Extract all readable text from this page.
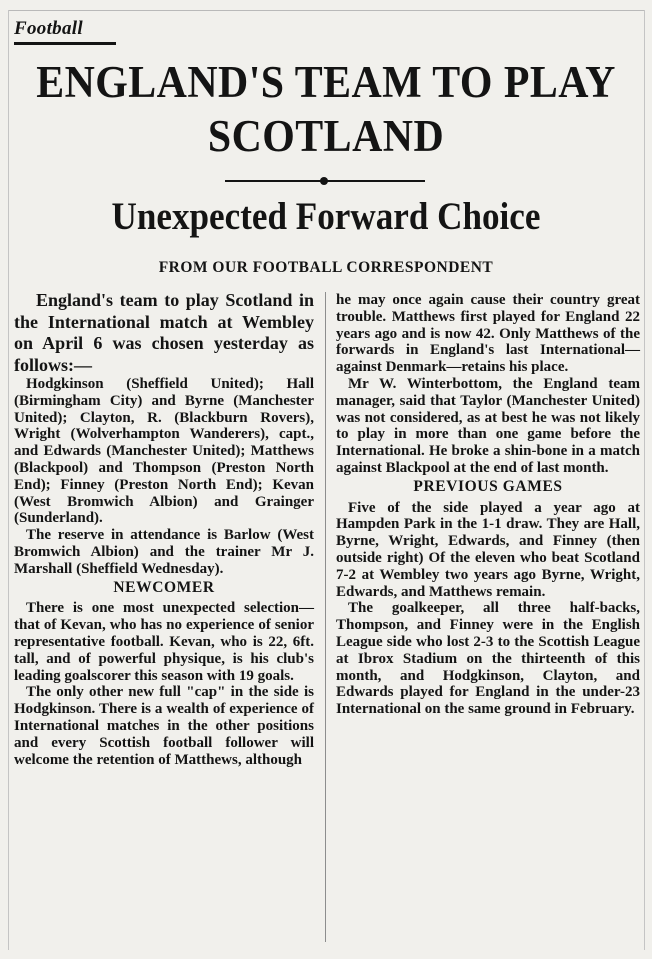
Football
ENGLAND'S TEAM TO PLAY
SCOTLAND
Unexpected Forward Choice
FROM OUR FOOTBALL CORRESPONDENT

England's team to play Scotland in the International match at Wembley on April 6 was chosen yesterday as follows:—

Hodgkinson (Sheffield United); Hall (Birmingham City) and Byrne (Manchester United); Clayton, R. (Blackburn Rovers), Wright (Wolverhampton Wanderers), capt., and Edwards (Manchester United); Matthews (Blackpool) and Thompson (Preston North End); Finney (Preston North End); Kevan (West Bromwich Albion) and Grainger (Sunderland).

The reserve in attendance is Barlow (West Bromwich Albion) and the trainer Mr J. Marshall (Sheffield Wednesday).

NEWCOMER

There is one most unexpected selection—that of Kevan, who has no experience of senior representative football. Kevan, who is 22, 6ft. tall, and of powerful physique, is his club's leading goalscorer this season with 19 goals.

The only other new full "cap" in the side is Hodgkinson. There is a wealth of experience of International matches in the other positions and every Scottish football follower will welcome the retention of Matthews, although

he may once again cause their country great trouble. Matthews first played for England 22 years ago and is now 42. Only Matthews of the forwards in England's last International—against Denmark—retains his place.

Mr W. Winterbottom, the England team manager, said that Taylor (Manchester United) was not considered, as at best he was not likely to play in more than one game before the International. He broke a shin-bone in a match against Blackpool at the end of last month.

PREVIOUS GAMES

Five of the side played a year ago at Hampden Park in the 1-1 draw. They are Hall, Byrne, Wright, Edwards, and Finney (then outside right) Of the eleven who beat Scotland 7-2 at Wembley two years ago Byrne, Wright, Edwards, and Matthews remain.

The goalkeeper, all three half-backs, Thompson, and Finney were in the English League side who lost 2-3 to the Scottish League at Ibrox Stadium on the thirteenth of this month, and Hodgkinson, Clayton, and Edwards played for England in the under-23 International on the same ground in February.
